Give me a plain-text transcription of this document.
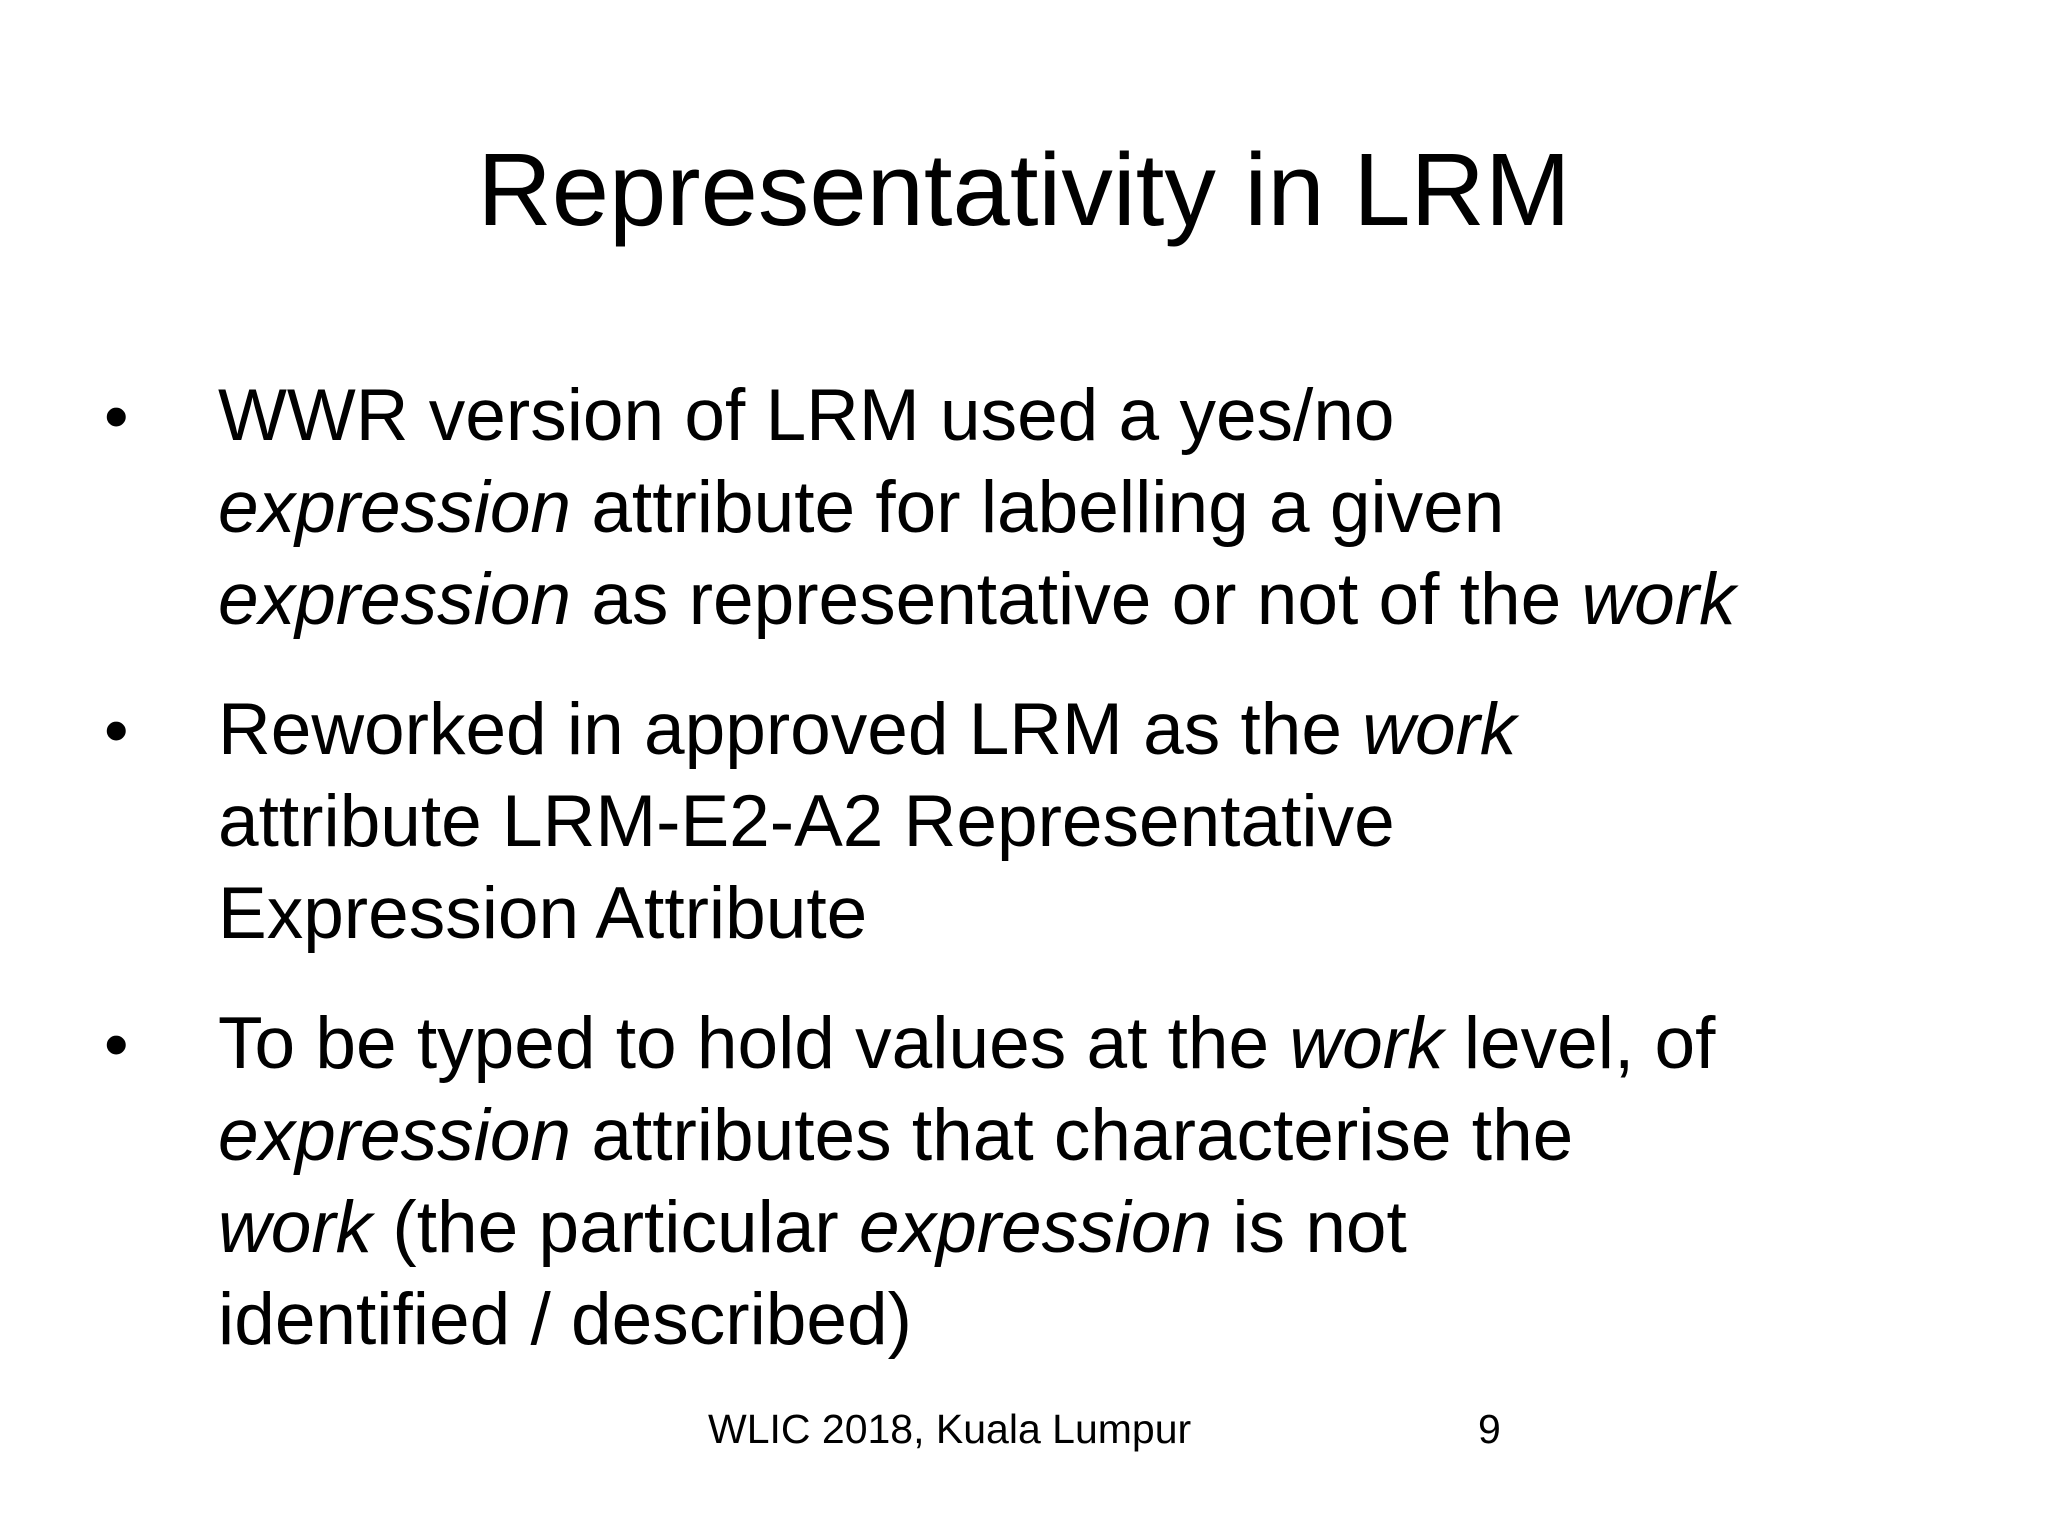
Representativity in LRM
• WWR version of LRM used a yes/no
expression attribute for labelling a given
expression as representative or not of the work
• Reworked in approved LRM as the work
attribute LRM-E2-A2 Representative
Expression Attribute
• To be typed to hold values at the work level, of
expression attributes that characterise the
work (the particular expression is not
identified / described)
WLIC 2018, Kuala Lumpur	9
